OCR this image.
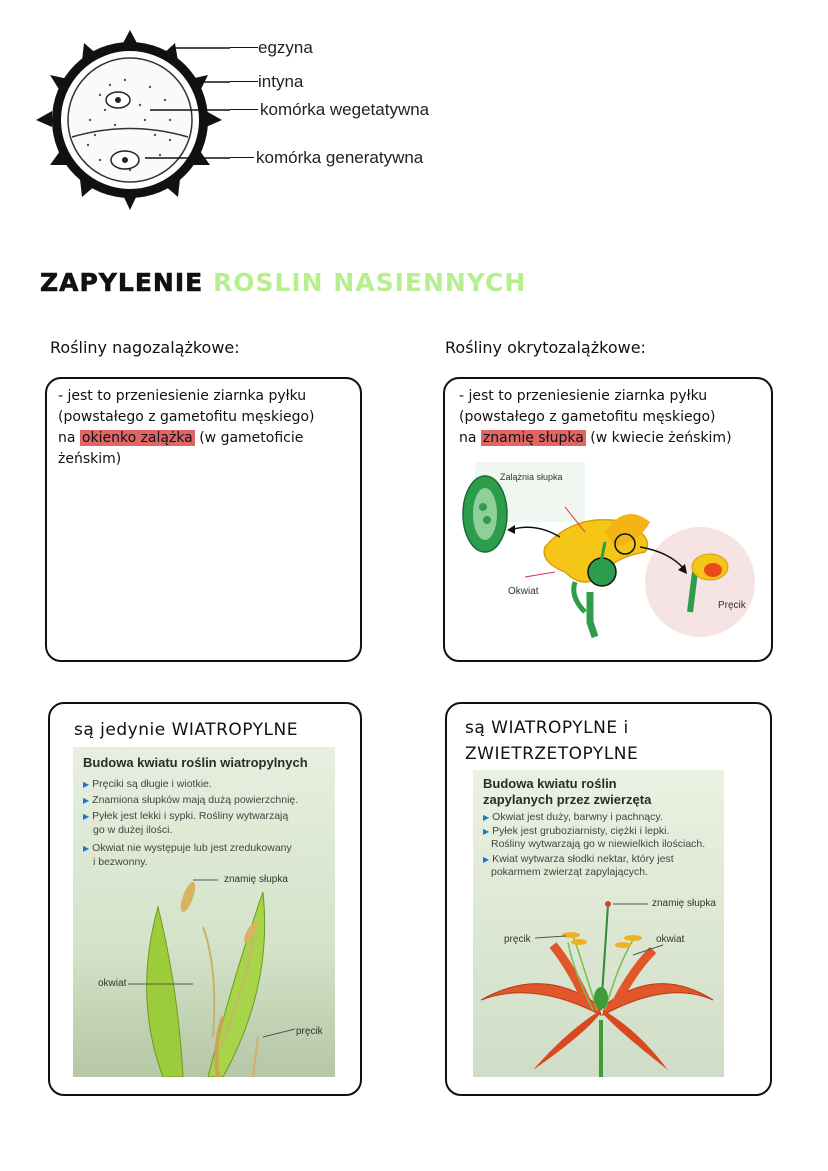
egzyna
intyna
komórka wegetatywna
komórka generatywna
ZAPYLENIE ROSLIN NASIENNYCH
Rośliny nagozalążkowe:	Rośliny okrytozalążkowe:
- jest to przeniesienie ziarnka pyłku
(powstałego z gametofitu męskiego)
na okienko zalążka (w gametoficie
żeńskim)
- jest to przeniesienie ziarnka pyłku
(powstałego z gametofitu męskiego)
na znamię słupka (w kwiecie żeńskim)
Zalążnia słupka
Okwiat
Pręcik
są jedynie WIATROPYLNE
Budowa kwiatu roślin wiatropylnych
▶ Pręciki są długie i wiotkie.
▶ Znamiona słupków mają dużą powierzchnię.
▶ Pyłek jest lekki i sypki. Rośliny wytwarzają
go w dużej ilości.
▶ Okwiat nie występuje lub jest zredukowany
i bezwonny.
znamię słupka
okwiat
pręcik
są WIATROPYLNE i
ZWIETRZETOPYLNE
Budowa kwiatu roślin
zapylanych przez zwierzęta
▶ Okwiat jest duży, barwny i pachnący.
▶ Pyłek jest gruboziarnisty, ciężki i lepki.
Rośliny wytwarzają go w niewielkich ilościach.
▶ Kwiat wytwarza słodki nektar, który jest
pokarmem zwierząt zapylających.
znamię słupka
pręcik	okwiat
